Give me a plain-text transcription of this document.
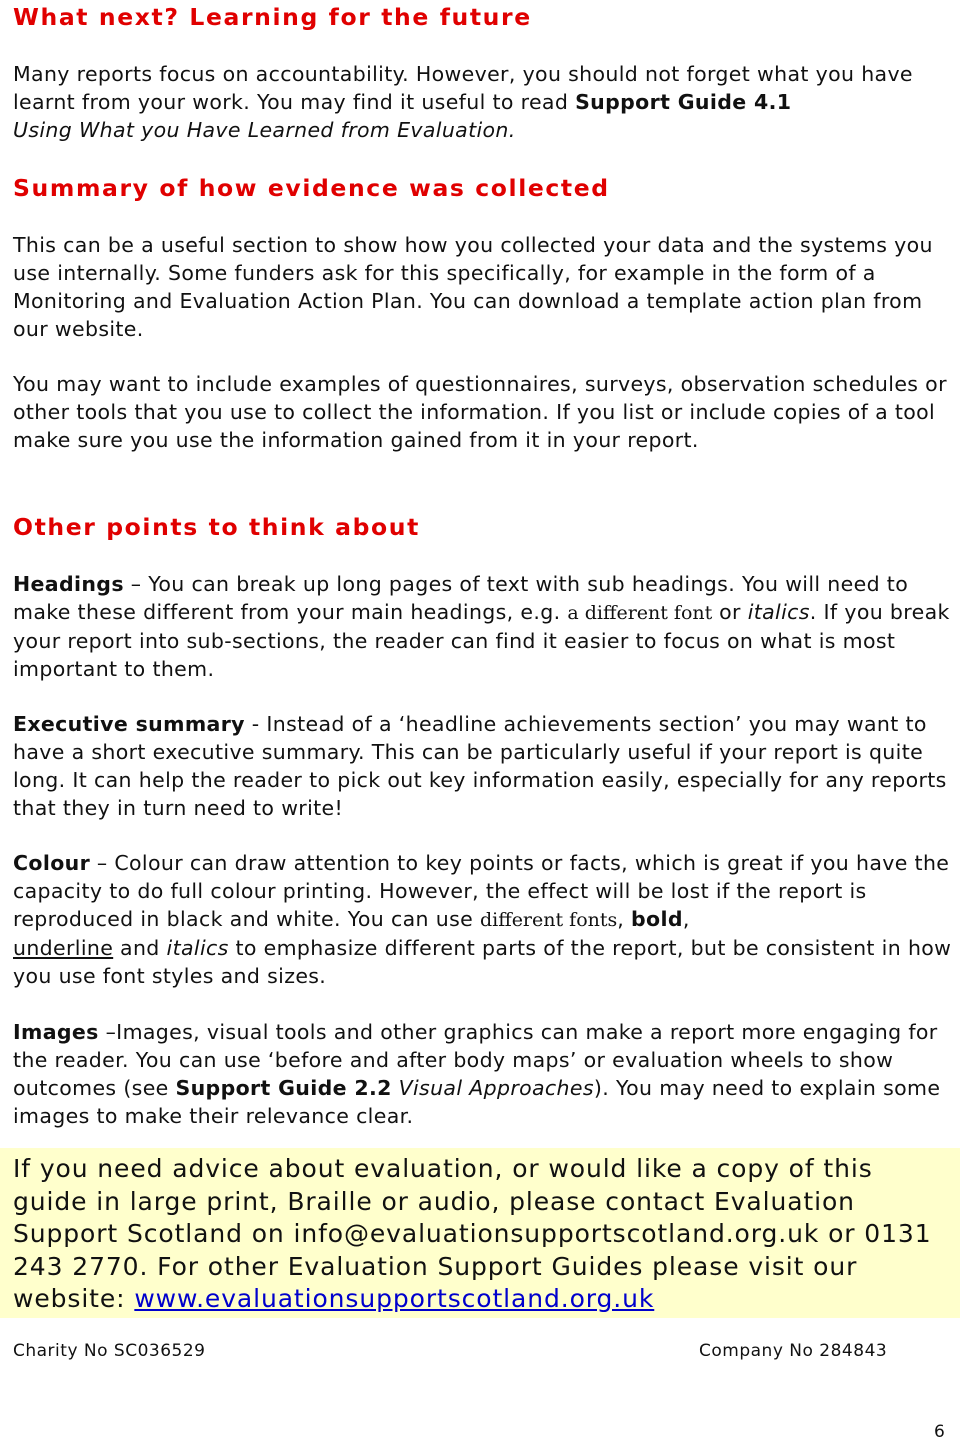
What next? Learning for the future

Many reports focus on accountability. However, you should not forget what you have learnt from your work. You may find it useful to read Support Guide 4.1
Using What you Have Learned from Evaluation.

Summary of how evidence was collected

This can be a useful section to show how you collected your data and the systems you use internally. Some funders ask for this specifically, for example in the form of a Monitoring and Evaluation Action Plan. You can download a template action plan from our website.

You may want to include examples of questionnaires, surveys, observation schedules or other tools that you use to collect the information. If you list or include copies of a tool make sure you use the information gained from it in your report.

Other points to think about

Headings – You can break up long pages of text with sub headings. You will need to make these different from your main headings, e.g. a different font or italics. If you break your report into sub-sections, the reader can find it easier to focus on what is most important to them.

Executive summary - Instead of a ‘headline achievements section’ you may want to have a short executive summary. This can be particularly useful if your report is quite long. It can help the reader to pick out key information easily, especially for any reports that they in turn need to write!

Colour – Colour can draw attention to key points or facts, which is great if you have the capacity to do full colour printing. However, the effect will be lost if the report is reproduced in black and white. You can use different fonts, bold,
underline and italics to emphasize different parts of the report, but be consistent in how you use font styles and sizes.

Images –Images, visual tools and other graphics can make a report more engaging for the reader. You can use ‘before and after body maps’ or evaluation wheels to show outcomes (see Support Guide 2.2 Visual Approaches). You may need to explain some images to make their relevance clear.

If you need advice about evaluation, or would like a copy of this guide in large print, Braille or audio, please contact Evaluation Support Scotland on info@evaluationsupportscotland.org.uk or 0131 243 2770. For other Evaluation Support Guides please visit our website: www.evaluationsupportscotland.org.uk
Charity No SC036529	Company No 284843
6
